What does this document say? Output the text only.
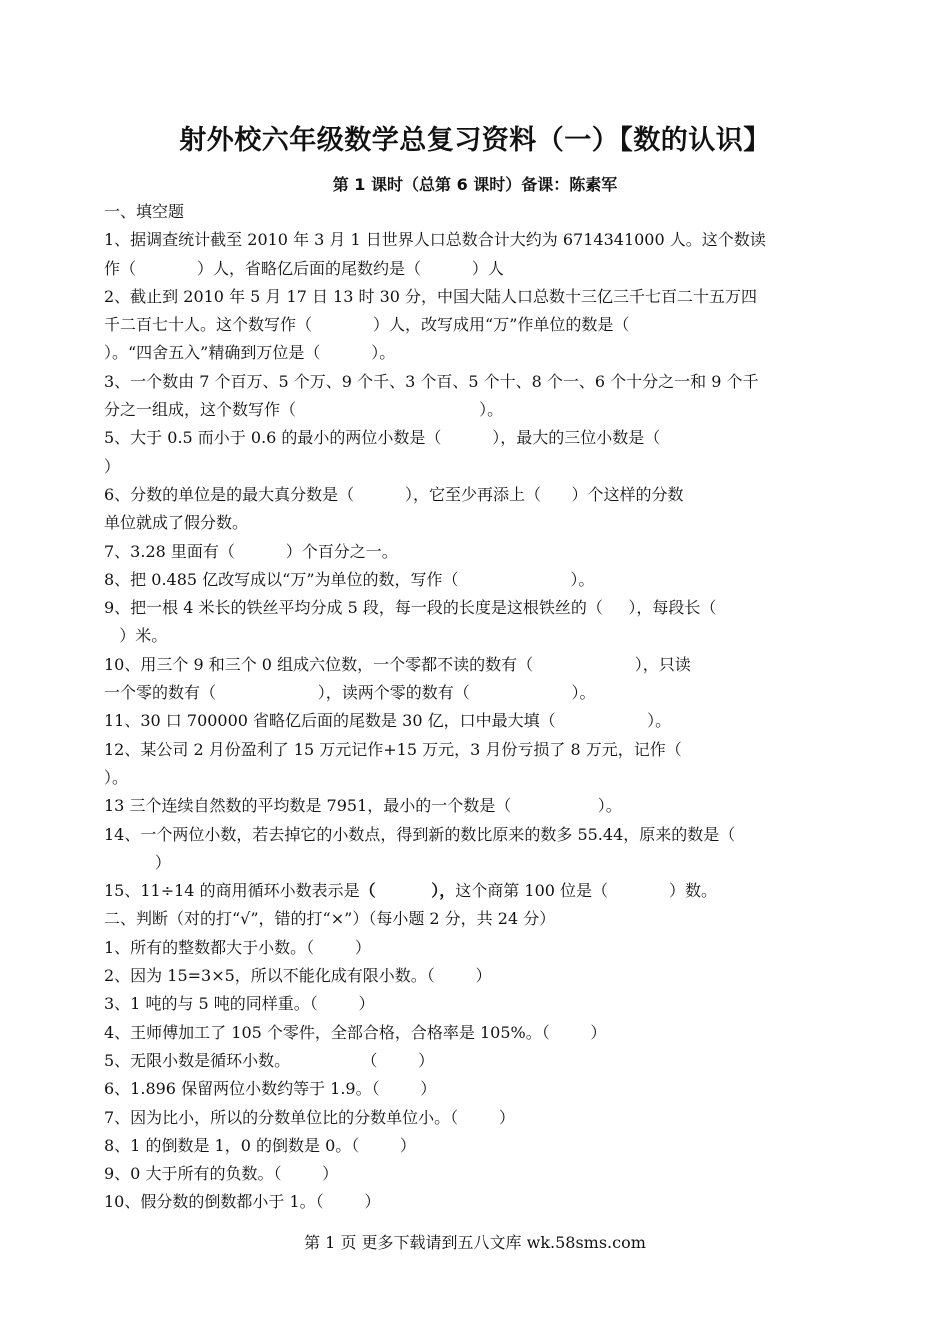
射外校六年级数学总复习资料（一）【数的认识】
第 1 课时（总第 6 课时）备课：陈素军
一、填空题
1、据调查统计截至 2010 年 3 月 1 日世界人口总数合计大约为 6714341000 人。这个数读
作（            ）人，省略亿后面的尾数约是（          ）人
2、截止到 2010 年 5 月 17 日 13 时 30 分，中国大陆人口总数十三亿三千七百二十五万四
千二百七十人。这个数写作（            ）人，改写成用“万”作单位的数是（
）。“四舍五入”精确到万位是（          ）。
3、一个数由 7 个百万、5 个万、9 个千、3 个百、5 个十、8 个一、6 个十分之一和 9 个千
分之一组成，这个数写作（                                    ）。
5、大于 0.5 而小于 0.6 的最小的两位小数是（          ），最大的三位小数是（
）
6、分数的单位是的最大真分数是（          ），它至少再添上（      ）个这样的分数
单位就成了假分数。
7、3.28 里面有（          ）个百分之一。
8、把 0.485 亿改写成以“万”为单位的数，写作（                      ）。
9、把一根 4 米长的铁丝平均分成 5 段，每一段的长度是这根铁丝的（     ），每段长（
）米。
10、用三个 9 和三个 0 组成六位数，一个零都不读的数有（                    ），只读
一个零的数有（                    ），读两个零的数有（                    ）。
11、30 口 700000 省略亿后面的尾数是 30 亿，口中最大填（                  ）。
12、某公司 2 月份盈利了 15 万元记作+15 万元，3 月份亏损了 8 万元，记作（
）。
13 三个连续自然数的平均数是 7951，最小的一个数是（                 ）。
14、一个两位小数，若去掉它的小数点，得到新的数比原来的数多 55.44，原来的数是（
）
15、11÷14 的商用循环小数表示是（          ），这个商第 100 位是（            ）数。
二、判断（对的打“√”，错的打“×”）（每小题 2 分，共 24 分）
1、所有的整数都大于小数。（        ）
2、因为 15=3×5，所以不能化成有限小数。（        ）
3、1 吨的与 5 吨的同样重。（        ）
4、王师傅加工了 105 个零件，全部合格，合格率是 105%。（        ）
5、无限小数是循环小数。              （        ）
6、1.896 保留两位小数约等于 1.9。（        ）
7、因为比小，所以的分数单位比的分数单位小。（        ）
8、1 的倒数是 1，0 的倒数是 0。（        ）
9、0 大于所有的负数。（        ）
10、假分数的倒数都小于 1。（        ）
第 1 页 更多下载请到五八文库 wk.58sms.com
